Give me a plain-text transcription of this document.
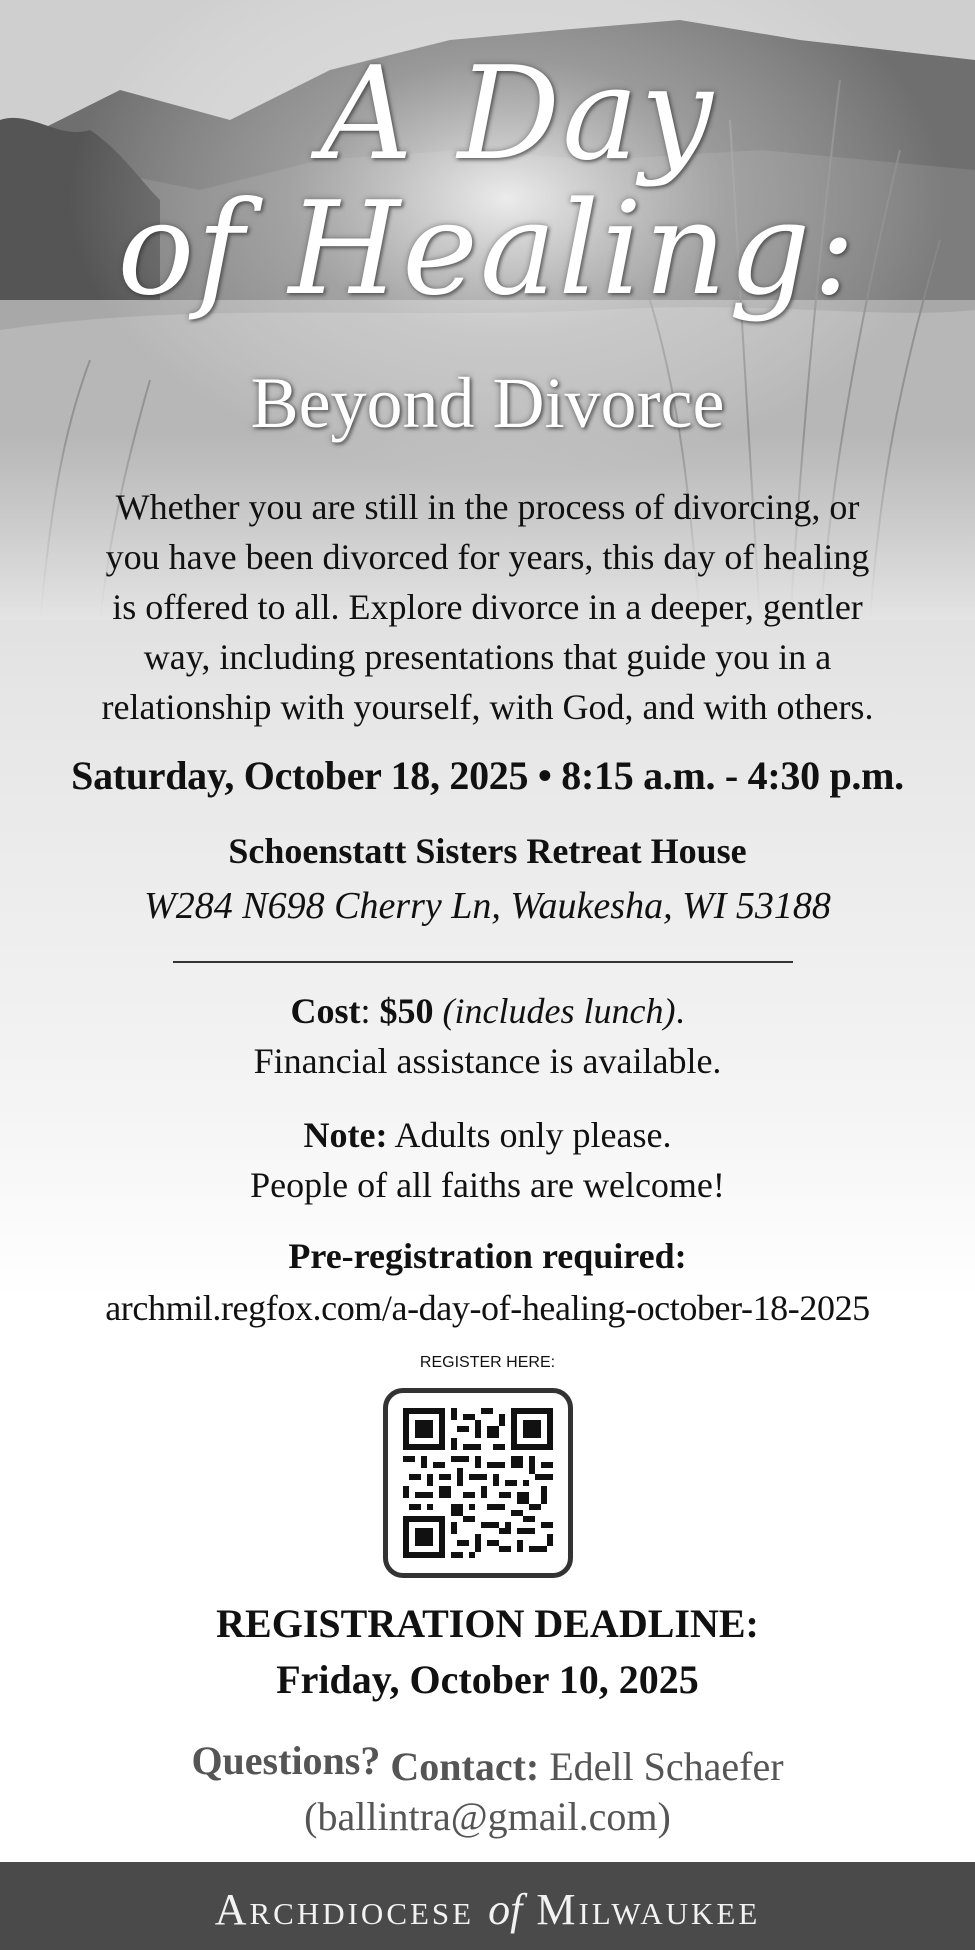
A Day
of Healing:
Beyond Divorce
Whether you are still in the process of divorcing, or
you have been divorced for years, this day of healing
is offered to all. Explore divorce in a deeper, gentler
way, including presentations that guide you in a
relationship with yourself, with God, and with others.
Saturday, October 18, 2025 • 8:15 a.m. - 4:30 p.m.
Schoenstatt Sisters Retreat House
W284 N698 Cherry Ln, Waukesha, WI 53188
Cost: $50 (includes lunch).
Financial assistance is available.
Note: Adults only please.
People of all faiths are welcome!
Pre-registration required:
archmil.regfox.com/a-day-of-healing-october-18-2025
REGISTER HERE:
REGISTRATION DEADLINE:
Friday, October 10, 2025
Questions? Contact: Edell Schaefer
(ballintra@gmail.com)
Archdiocese of Milwaukee
